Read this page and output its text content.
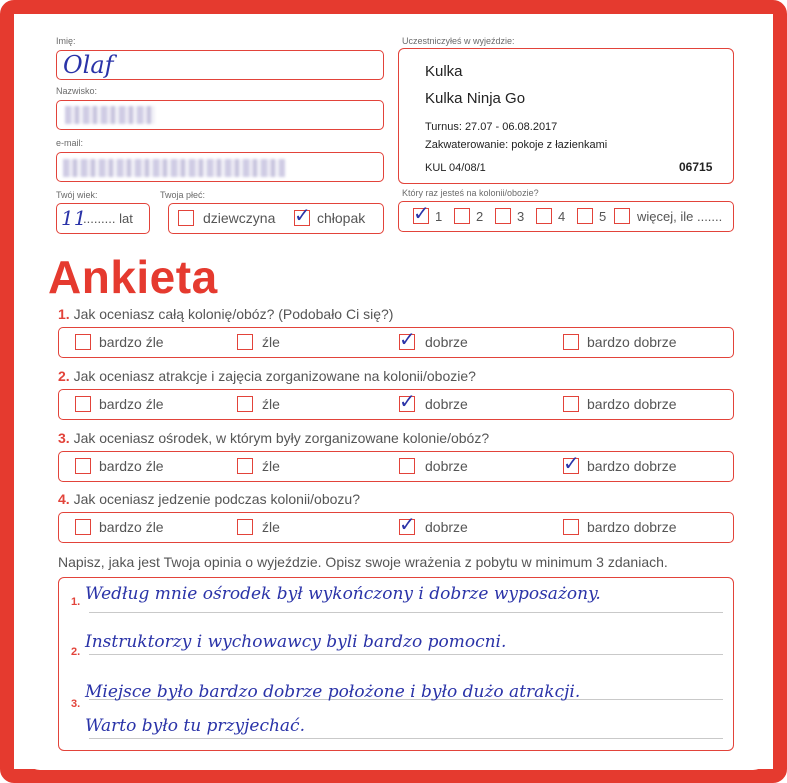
Imię:
Olaf
Nazwisko:
e-mail:
Twój wiek:
11
......... lat
Twoja płeć:
dziewczyna ✓ chłopak
Uczestniczyłeś w wyjeździe:
Kulka
Kulka Ninja Go
Turnus: 27.07 - 06.08.2017
Zakwaterowanie: pokoje z łazienkami
KUL 04/08/1	06715
Który raz jesteś na kolonii/obozie?
✓ 1	2	3	4	5 więcej, ile .......
Ankieta
1. Jak oceniasz całą kolonię/obóz? (Podobało Ci się?)
bardzo źle	źle	✓ dobrze	bardzo dobrze
2. Jak oceniasz atrakcje i zajęcia zorganizowane na kolonii/obozie?
bardzo źle	źle	✓ dobrze	bardzo dobrze
3. Jak oceniasz ośrodek, w którym były zorganizowane kolonie/obóz?
bardzo źle	źle	dobrze	✓ bardzo dobrze
4. Jak oceniasz jedzenie podczas kolonii/obozu?
bardzo źle	źle	✓ dobrze	bardzo dobrze
Napisz, jaka jest Twoja opinia o wyjeździe. Opisz swoje wrażenia z pobytu w minimum 3 zdaniach.
1. Według mnie ośrodek był wykończony i dobrze wyposażony.
2. Instruktorzy i wychowawcy byli bardzo pomocni.
3.
Miejsce było bardzo dobrze położone i było dużo atrakcji.
Warto było tu przyjechać.
